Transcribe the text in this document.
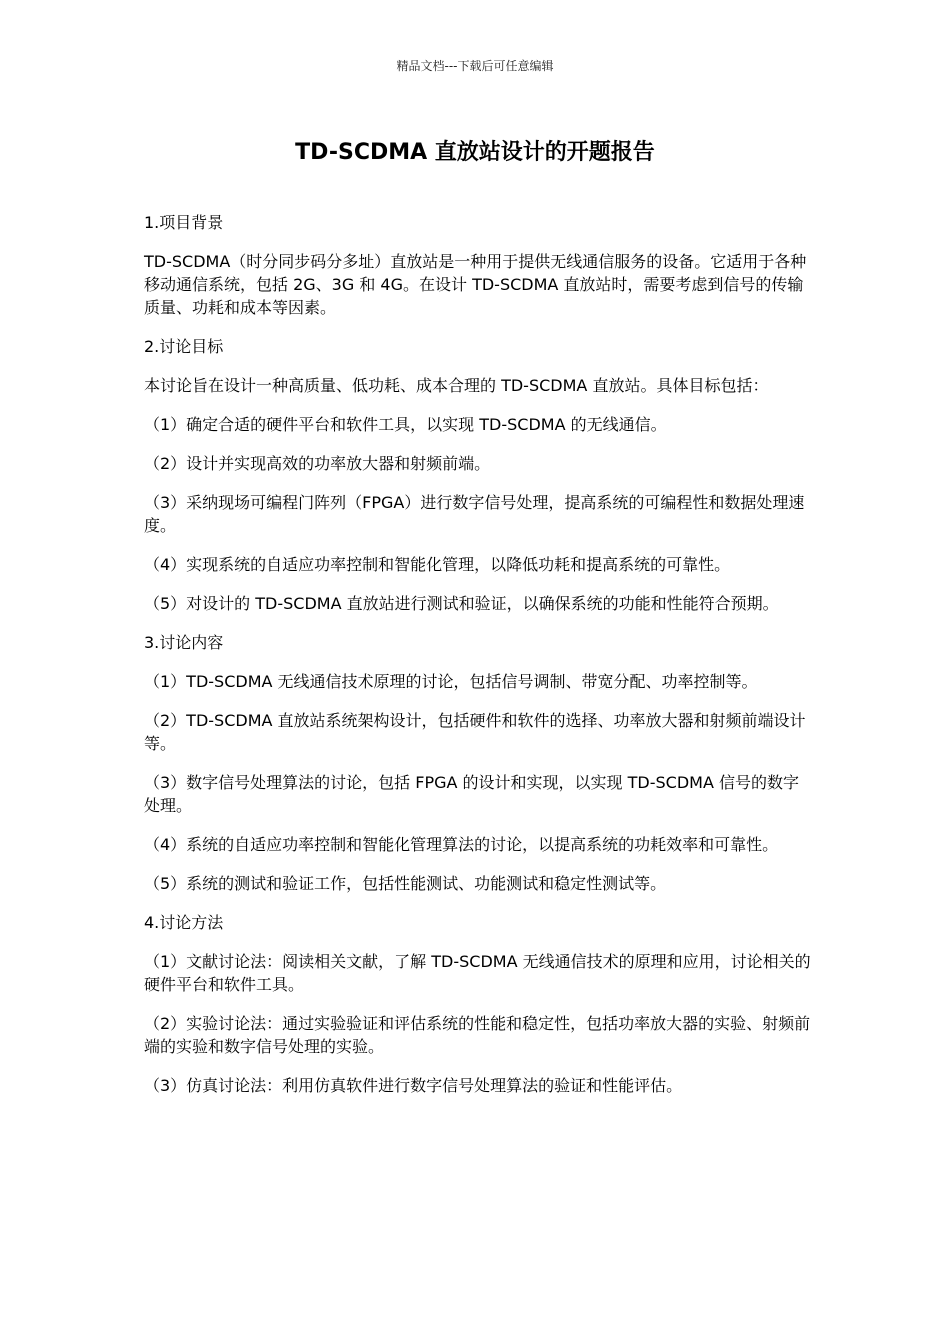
精品文档---下载后可任意编辑
TD-SCDMA 直放站设计的开题报告

1.项目背景

TD-SCDMA（时分同步码分多址）直放站是一种用于提供无线通信服务的设备。它适用于各种移动通信系统，包括 2G、3G 和 4G。在设计 TD-SCDMA 直放站时，需要考虑到信号的传输质量、功耗和成本等因素。

2.讨论目标

本讨论旨在设计一种高质量、低功耗、成本合理的 TD-SCDMA 直放站。具体目标包括：

（1）确定合适的硬件平台和软件工具，以实现 TD-SCDMA 的无线通信。

（2）设计并实现高效的功率放大器和射频前端。

（3）采纳现场可编程门阵列（FPGA）进行数字信号处理，提高系统的可编程性和数据处理速度。

（4）实现系统的自适应功率控制和智能化管理，以降低功耗和提高系统的可靠性。

（5）对设计的 TD-SCDMA 直放站进行测试和验证，以确保系统的功能和性能符合预期。

3.讨论内容

（1）TD-SCDMA 无线通信技术原理的讨论，包括信号调制、带宽分配、功率控制等。

（2）TD-SCDMA 直放站系统架构设计，包括硬件和软件的选择、功率放大器和射频前端设计等。

（3）数字信号处理算法的讨论，包括 FPGA 的设计和实现，以实现 TD-SCDMA 信号的数字处理。

（4）系统的自适应功率控制和智能化管理算法的讨论，以提高系统的功耗效率和可靠性。

（5）系统的测试和验证工作，包括性能测试、功能测试和稳定性测试等。

4.讨论方法

（1）文献讨论法：阅读相关文献，了解 TD-SCDMA 无线通信技术的原理和应用，讨论相关的硬件平台和软件工具。

（2）实验讨论法：通过实验验证和评估系统的性能和稳定性，包括功率放大器的实验、射频前端的实验和数字信号处理的实验。

（3）仿真讨论法：利用仿真软件进行数字信号处理算法的验证和性能评估。
